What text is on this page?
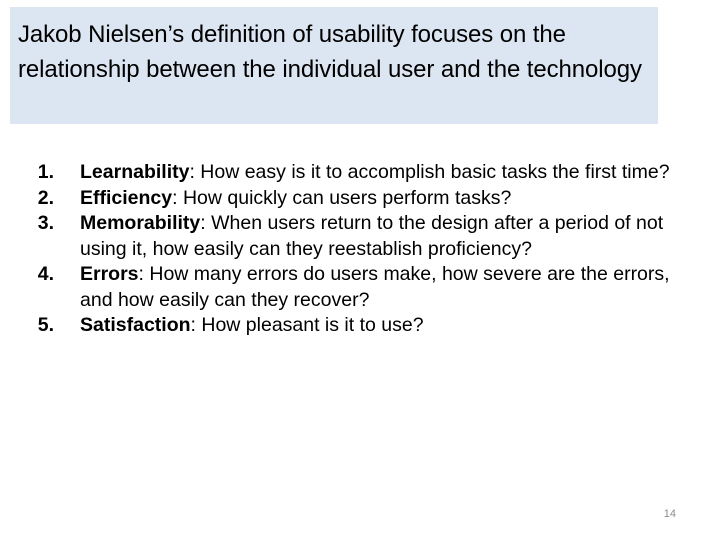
Jakob Nielsen’s definition of usability focuses on the relationship between the individual user and the technology
1. Learnability: How easy is it to accomplish basic tasks the first time?
2. Efficiency: How quickly can users perform tasks?
3. Memorability: When users return to the design after a period of not using it, how easily can they reestablish proficiency?
4. Errors: How many errors do users make, how severe are the errors, and how easily can they recover?
5. Satisfaction: How pleasant is it to use?
14
